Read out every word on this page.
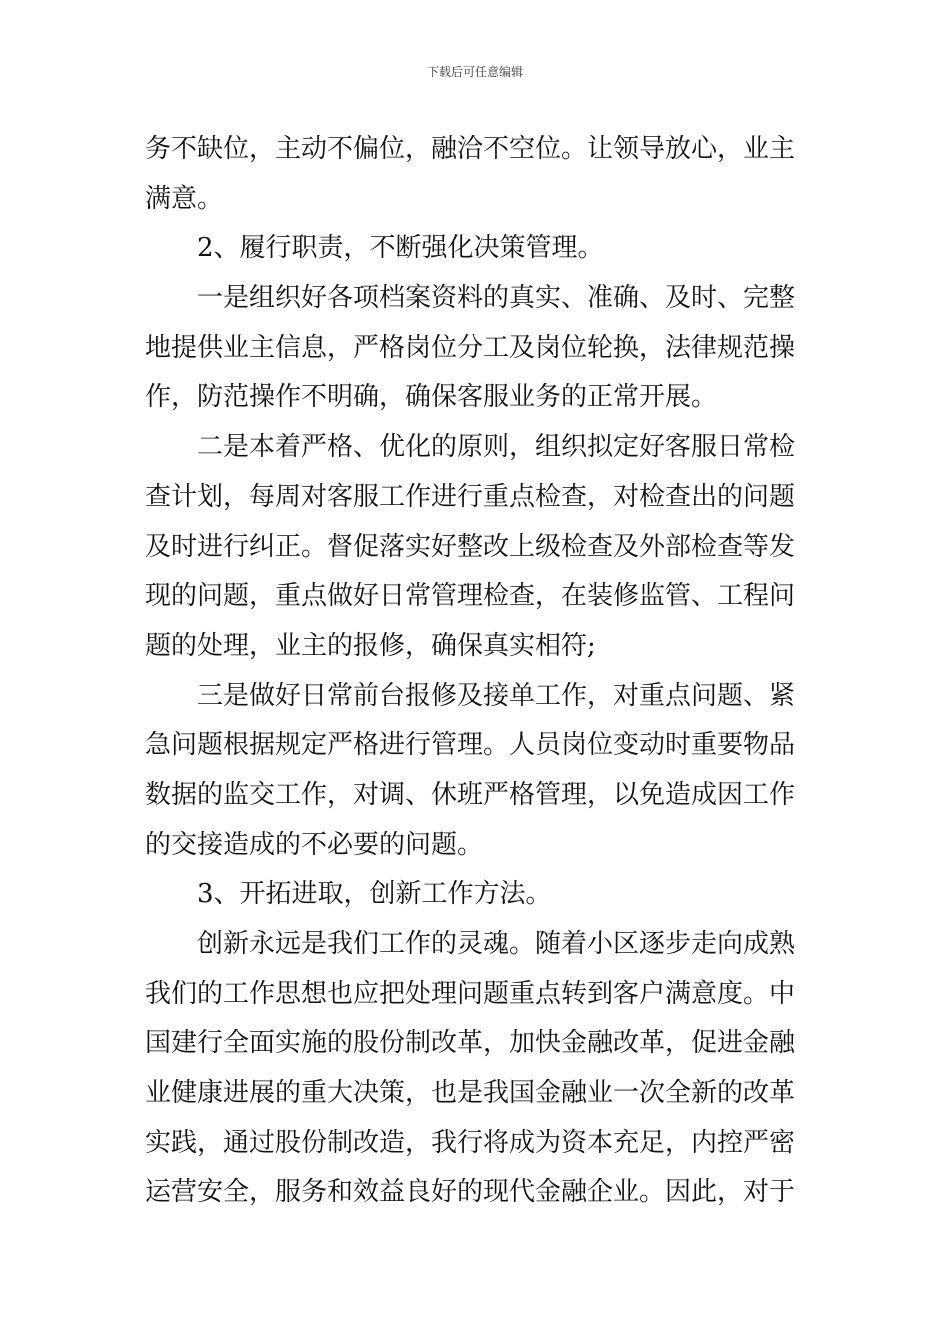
下载后可任意编辑
务不缺位，主动不偏位，融洽不空位。让领导放心，业主
满意。
2、履行职责，不断强化决策管理。
一是组织好各项档案资料的真实、准确、及时、完整
地提供业主信息，严格岗位分工及岗位轮换，法律规范操
作，防范操作不明确，确保客服业务的正常开展。
二是本着严格、优化的原则，组织拟定好客服日常检
查计划，每周对客服工作进行重点检查，对检查出的问题
及时进行纠正。督促落实好整改上级检查及外部检查等发
现的问题，重点做好日常管理检查，在装修监管、工程问
题的处理，业主的报修，确保真实相符;
三是做好日常前台报修及接单工作，对重点问题、紧
急问题根据规定严格进行管理。人员岗位变动时重要物品
数据的监交工作，对调、休班严格管理，以免造成因工作
的交接造成的不必要的问题。
3、开拓进取，创新工作方法。
创新永远是我们工作的灵魂。随着小区逐步走向成熟
我们的工作思想也应把处理问题重点转到客户满意度。中
国建行全面实施的股份制改革，加快金融改革，促进金融
业健康进展的重大决策，也是我国金融业一次全新的改革
实践，通过股份制改造，我行将成为资本充足，内控严密
运营安全，服务和效益良好的现代金融企业。因此，对于
